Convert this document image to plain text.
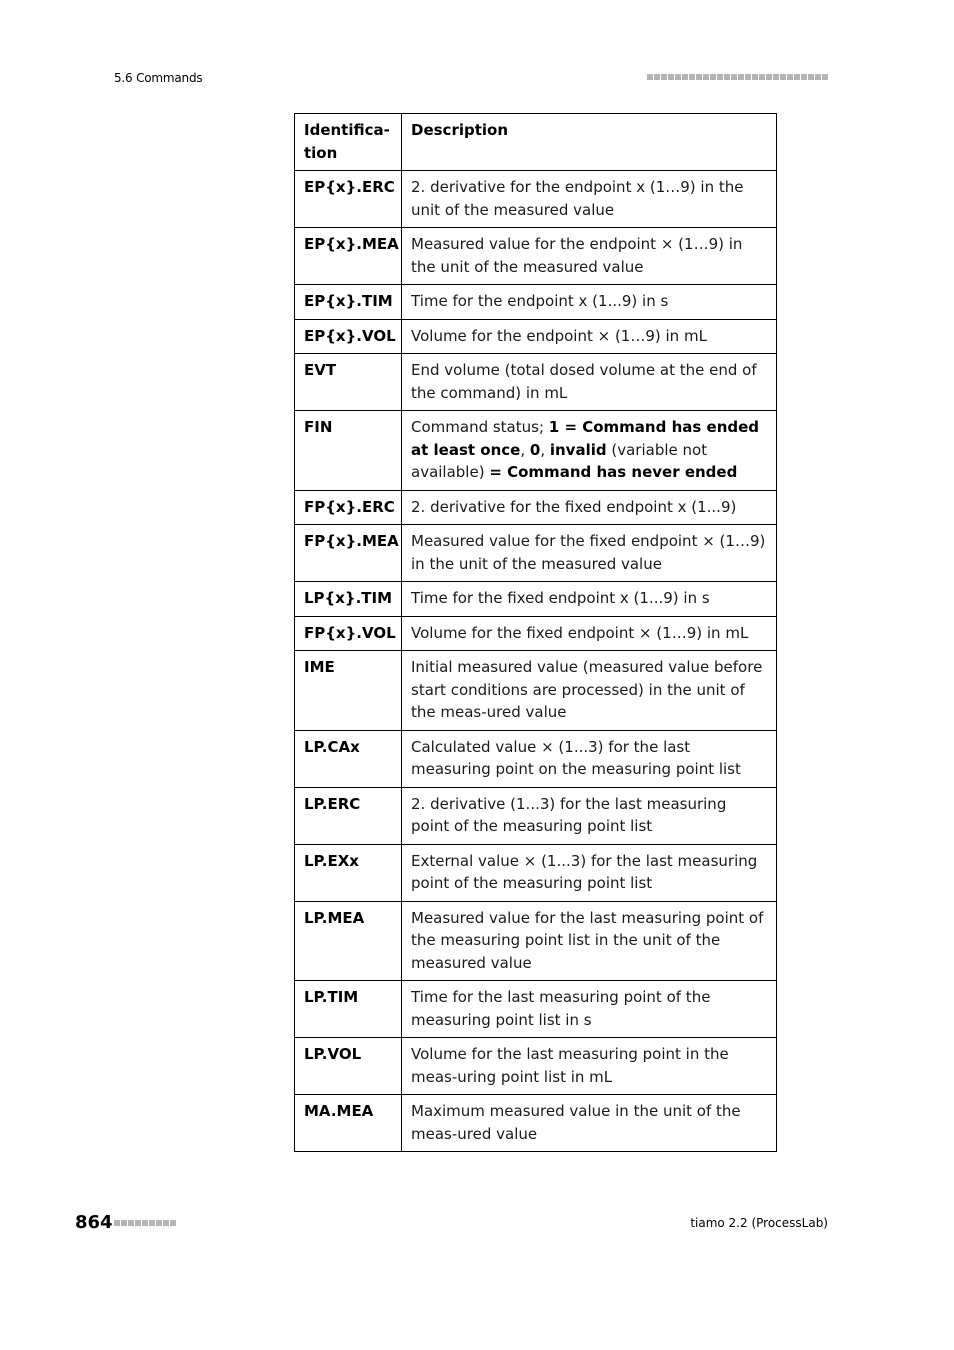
5.6 Commands
Identifica-
tion	Description
EP{x}.ERC	2. derivative for the endpoint x (1…9) in the unit of the measured value
EP{x}.MEA	Measured value for the endpoint × (1…9) in the unit of the measured value
EP{x}.TIM	Time for the endpoint x (1...9) in s
EP{x}.VOL	Volume for the endpoint × (1…9) in mL
EVT	End volume (total dosed volume at the end of the command) in mL
FIN	Command status; 1 = Command has ended at least once, 0, invalid (variable not available) = Command has never ended
FP{x}.ERC	2. derivative for the fixed endpoint x (1...9)
FP{x}.MEA	Measured value for the fixed endpoint × (1…9) in the unit of the measured value
LP{x}.TIM	Time for the fixed endpoint x (1...9) in s
FP{x}.VOL	Volume for the fixed endpoint × (1…9) in mL
IME	Initial measured value (measured value before start conditions are processed) in the unit of the meas-ured value
LP.CAx	Calculated value × (1...3) for the last measuring point on the measuring point list
LP.ERC	2. derivative (1...3) for the last measuring point of the measuring point list
LP.EXx	External value × (1...3) for the last measuring point of the measuring point list
LP.MEA	Measured value for the last measuring point of the measuring point list in the unit of the measured value
LP.TIM	Time for the last measuring point of the measuring point list in s
LP.VOL	Volume for the last measuring point in the meas-uring point list in mL
MA.MEA	Maximum measured value in the unit of the meas-ured value
864	tiamo 2.2 (ProcessLab)
